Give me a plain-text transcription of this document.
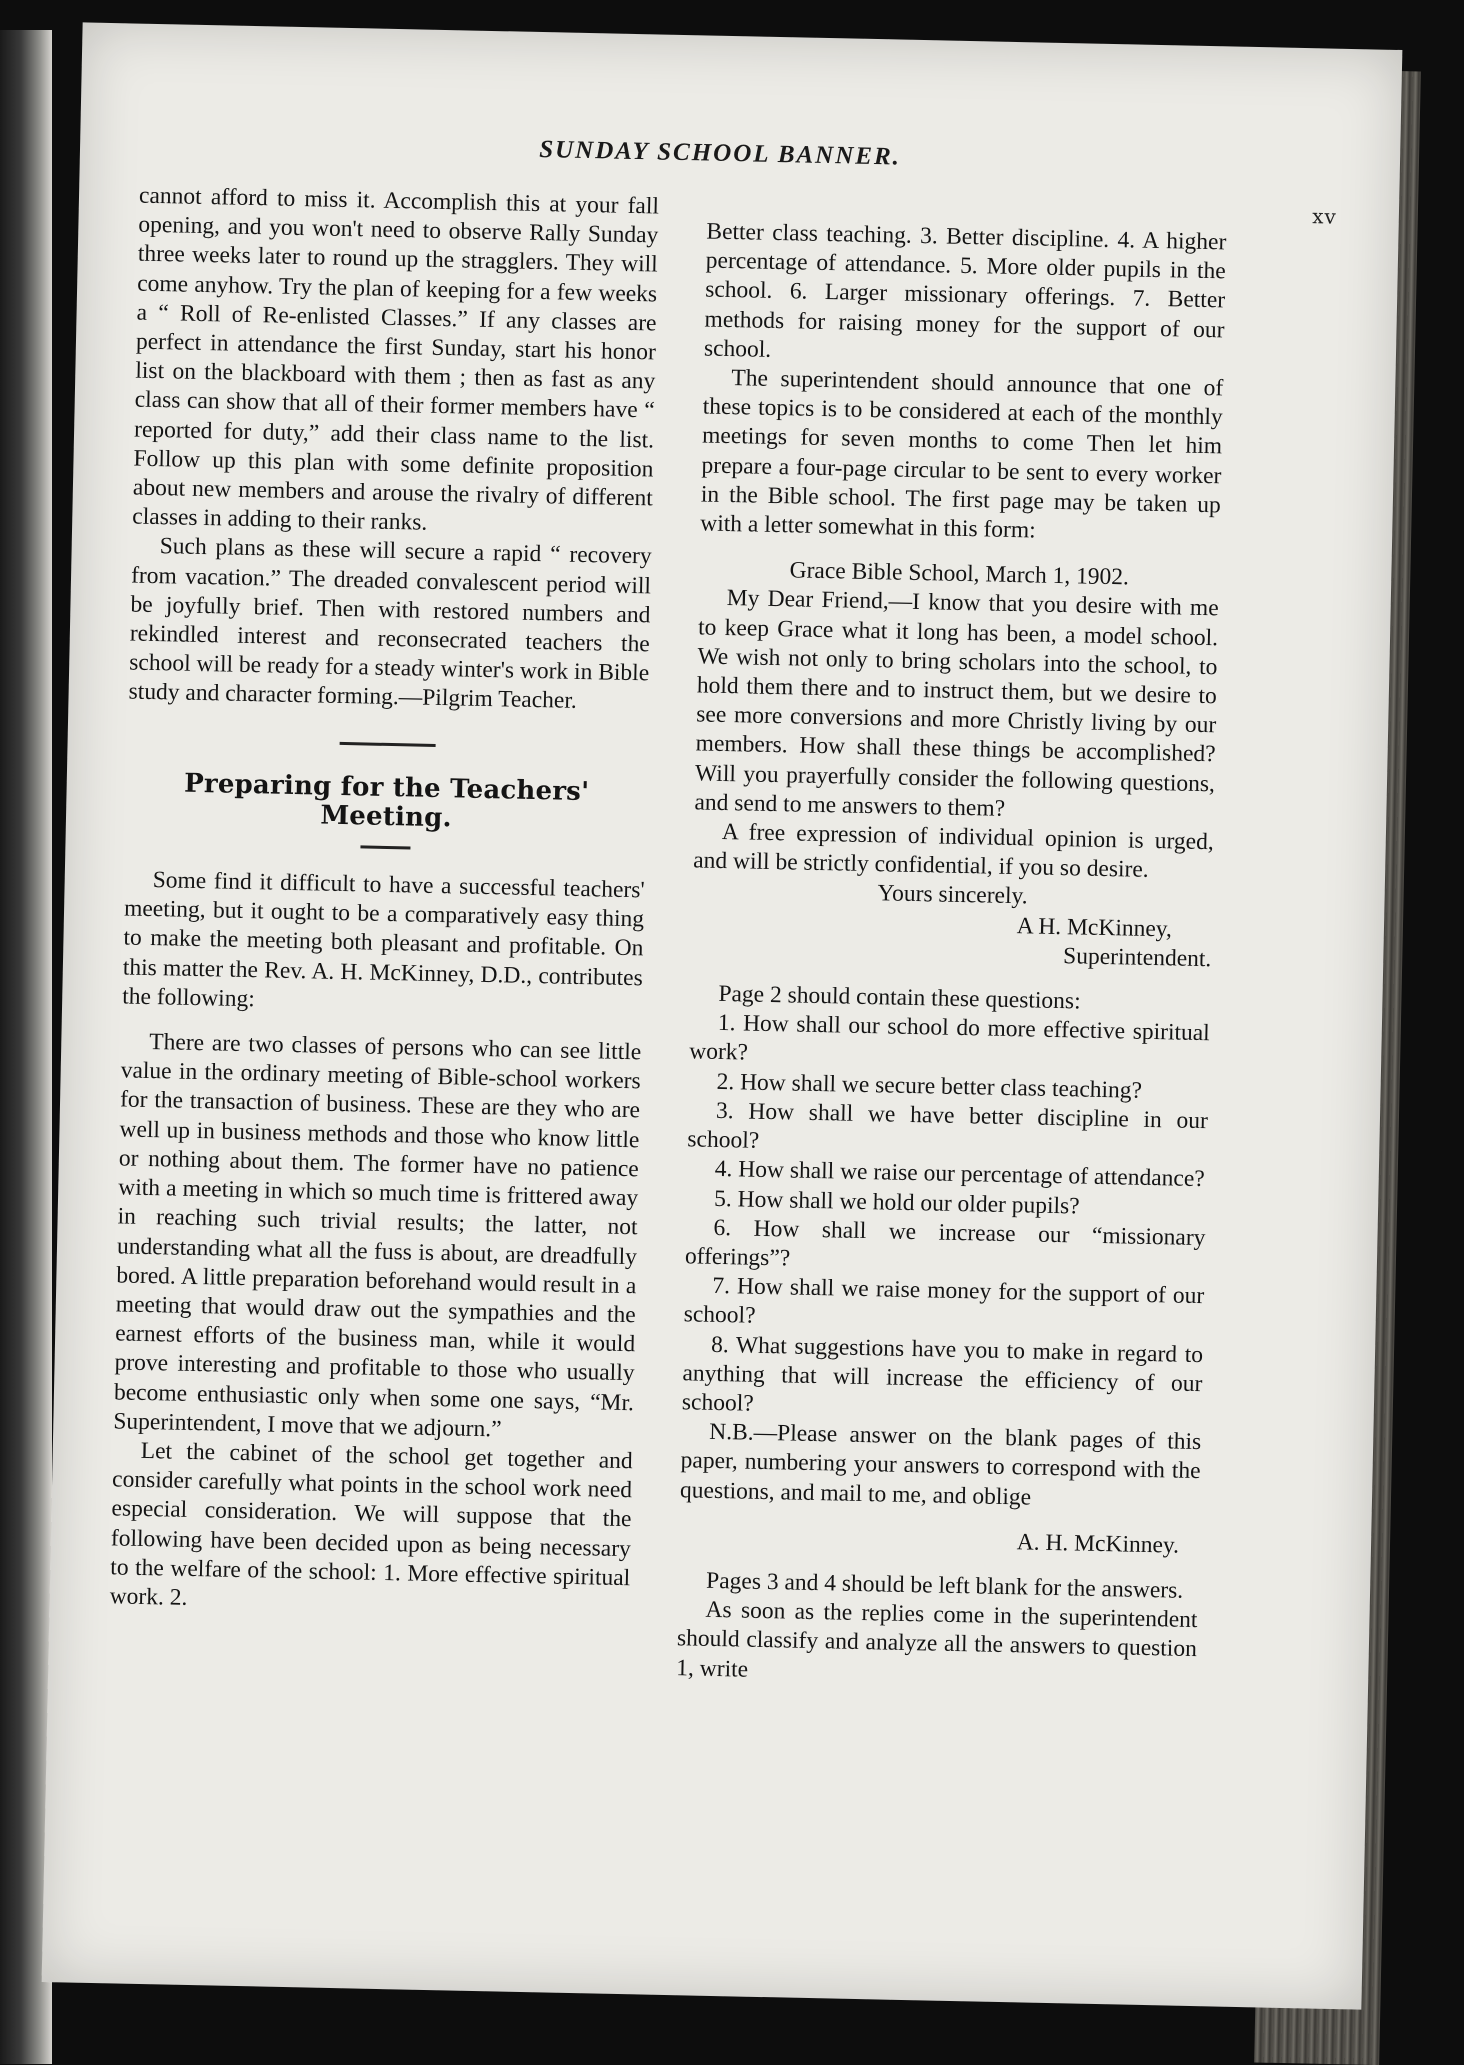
SUNDAY SCHOOL BANNER.
xv

cannot afford to miss it. Accomplish this at your fall opening, and you won't need to observe Rally Sunday three weeks later to round up the stragglers. They will come anyhow. Try the plan of keeping for a few weeks a “ Roll of Re-enlisted Classes.” If any classes are perfect in attendance the first Sunday, start his honor list on the blackboard with them ; then as fast as any class can show that all of their former members have “ reported for duty,” add their class name to the list. Follow up this plan with some definite proposition about new members and arouse the rivalry of different classes in adding to their ranks.

Such plans as these will secure a rapid “ recovery from vacation.” The dreaded convalescent period will be joyfully brief. Then with restored numbers and rekindled interest and reconsecrated teachers the school will be ready for a steady winter's work in Bible study and character forming.—Pilgrim Teacher.

Preparing for the Teachers' Meeting.

Some find it difficult to have a successful teachers' meeting, but it ought to be a comparatively easy thing to make the meeting both pleasant and profitable. On this matter the Rev. A. H. McKinney, D.D., contributes the following:

There are two classes of persons who can see little value in the ordinary meeting of Bible-school workers for the transaction of business. These are they who are well up in business methods and those who know little or nothing about them. The former have no patience with a meeting in which so much time is frittered away in reaching such trivial results; the latter, not understanding what all the fuss is about, are dreadfully bored. A little preparation beforehand would result in a meeting that would draw out the sympathies and the earnest efforts of the business man, while it would prove interesting and profitable to those who usually become enthusiastic only when some one says, “Mr. Superintendent, I move that we adjourn.”

Let the cabinet of the school get together and consider carefully what points in the school work need especial consideration. We will suppose that the following have been decided upon as being necessary to the welfare of the school: 1. More effective spiritual work. 2.

Better class teaching. 3. Better discipline. 4. A higher percentage of attendance. 5. More older pupils in the school. 6. Larger missionary offerings. 7. Better methods for raising money for the support of our school.

The superintendent should announce that one of these topics is to be considered at each of the monthly meetings for seven months to come Then let him prepare a four-page circular to be sent to every worker in the Bible school. The first page may be taken up with a letter somewhat in this form:

Grace Bible School, March 1, 1902.

My Dear Friend,—I know that you desire with me to keep Grace what it long has been, a model school. We wish not only to bring scholars into the school, to hold them there and to instruct them, but we desire to see more conversions and more Christly living by our members. How shall these things be accomplished? Will you prayerfully consider the following questions, and send to me answers to them?

A free expression of individual opinion is urged, and will be strictly confidential, if you so desire.

Yours sincerely.

A H. McKinney,

Superintendent.

Page 2 should contain these questions:

1. How shall our school do more effective spiritual work?

2. How shall we secure better class teaching?

3. How shall we have better discipline in our school?

4. How shall we raise our percentage of attendance?

5. How shall we hold our older pupils?

6. How shall we increase our “missionary offerings”?

7. How shall we raise money for the support of our school?

8. What suggestions have you to make in regard to anything that will increase the efficiency of our school?

N.B.—Please answer on the blank pages of this paper, numbering your answers to correspond with the questions, and mail to me, and oblige

A. H. McKinney.

Pages 3 and 4 should be left blank for the answers.

As soon as the replies come in the superintendent should classify and analyze all the answers to question 1, write
